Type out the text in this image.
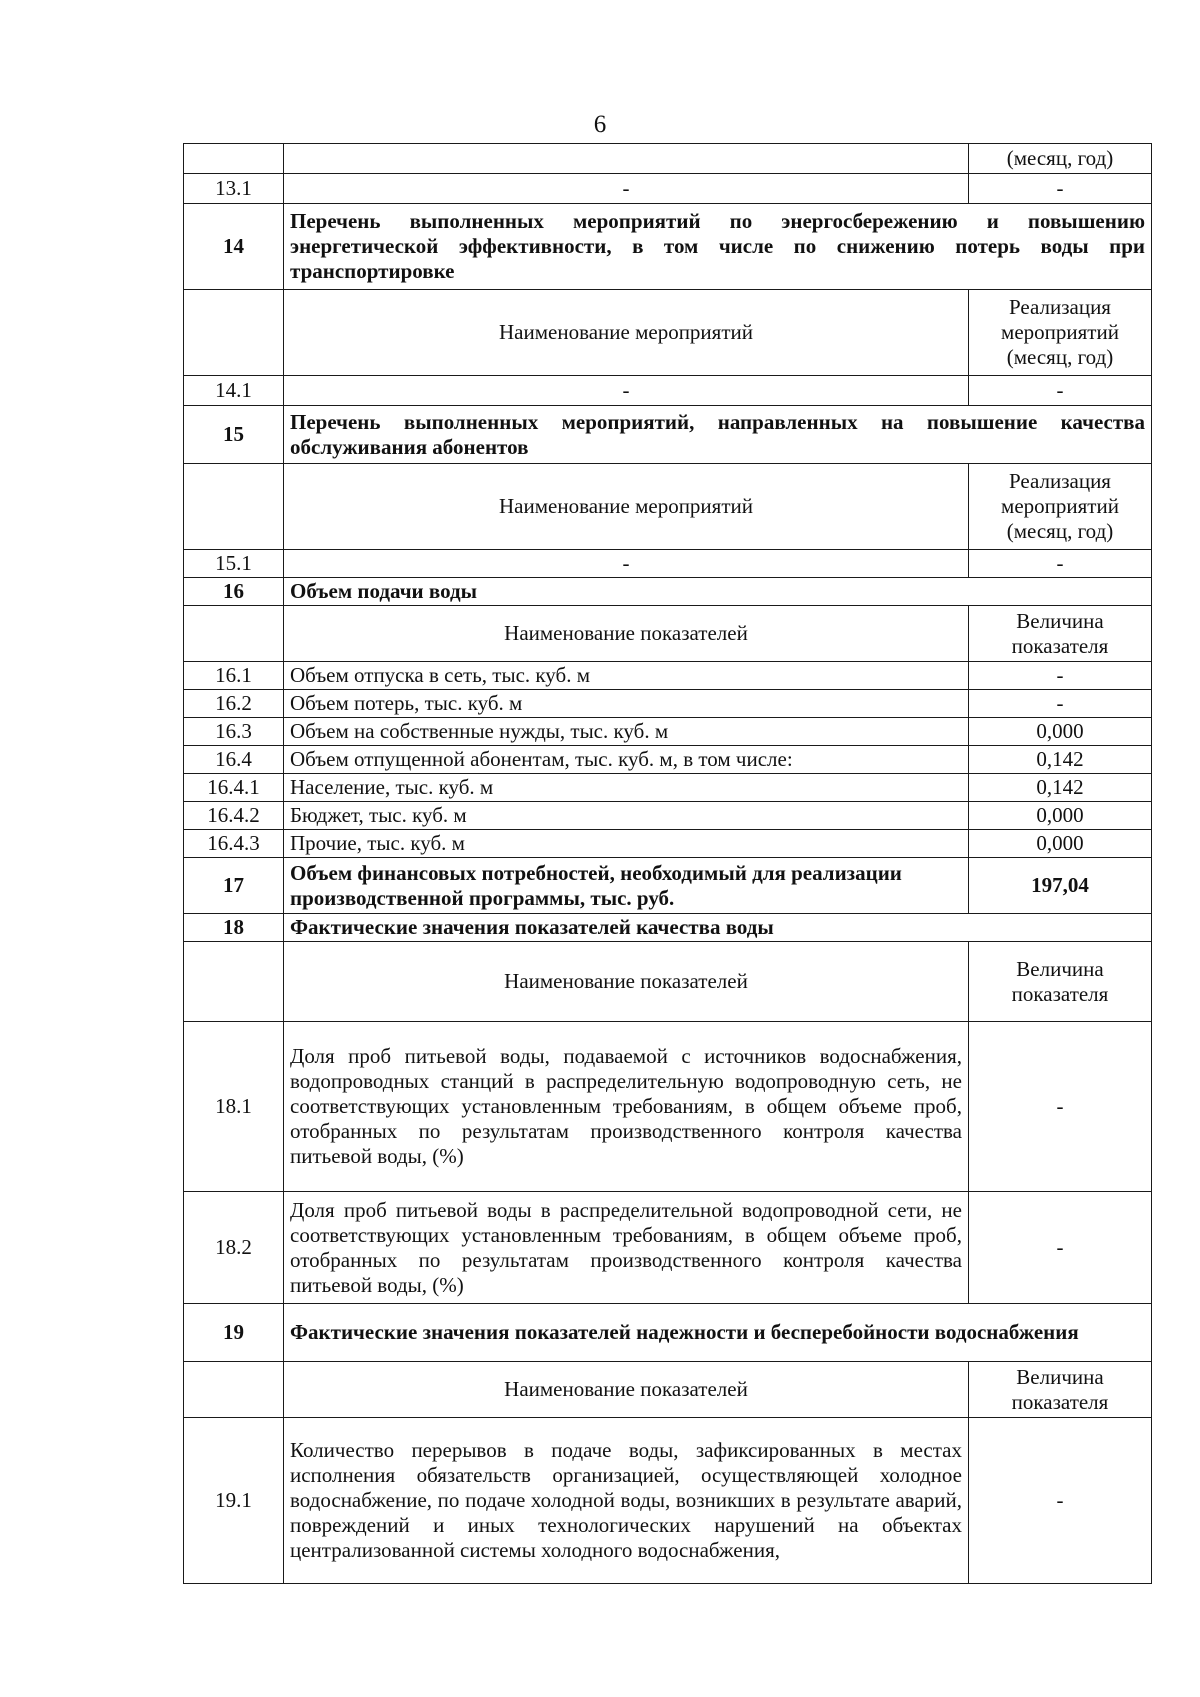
6
		(месяц, год)
13.1	-	-
14	Перечень выполненных мероприятий по энергосбережению и повышению энергетической эффективности, в том числе по снижению потерь воды при транспортировке	
	Наименование мероприятий	Реализация мероприятий (месяц, год)
14.1	-	-
15	Перечень выполненных мероприятий, направленных на повышение качества обслуживания абонентов	
	Наименование мероприятий	Реализация мероприятий (месяц, год)
15.1	-	-
16	Объем подачи воды	
	Наименование показателей	Величина показателя
16.1	Объем отпуска в сеть, тыс. куб. м	-
16.2	Объем потерь, тыс. куб. м	-
16.3	Объем на собственные нужды, тыс. куб. м	0,000
16.4	Объем отпущенной абонентам, тыс. куб. м, в том числе:	0,142
16.4.1	Население, тыс. куб. м	0,142
16.4.2	Бюджет, тыс. куб. м	0,000
16.4.3	Прочие, тыс. куб. м	0,000
17	Объем финансовых потребностей, необходимый для реализации производственной программы, тыс. руб.	197,04
18	Фактические значения показателей качества воды	
	Наименование показателей	Величина показателя
18.1	Доля проб питьевой воды, подаваемой с источников водоснабжения, водопроводных станций в распределительную водопроводную сеть, не соответствующих установленным требованиям, в общем объеме проб, отобранных по результатам производственного контроля качества питьевой воды, (%)	-
18.2	Доля проб питьевой воды в распределительной водопроводной сети, не соответствующих установленным требованиям, в общем объеме проб, отобранных по результатам производственного контроля качества питьевой воды, (%)	-
19	Фактические значения показателей надежности и бесперебойности водоснабжения	
	Наименование показателей	Величина показателя
19.1	Количество перерывов в подаче воды, зафиксированных в местах исполнения обязательств организацией, осуществляющей холодное водоснабжение, по подаче холодной воды, возникших в результате аварий, повреждений и иных технологических нарушений на объектах централизованной системы холодного водоснабжения,	-
